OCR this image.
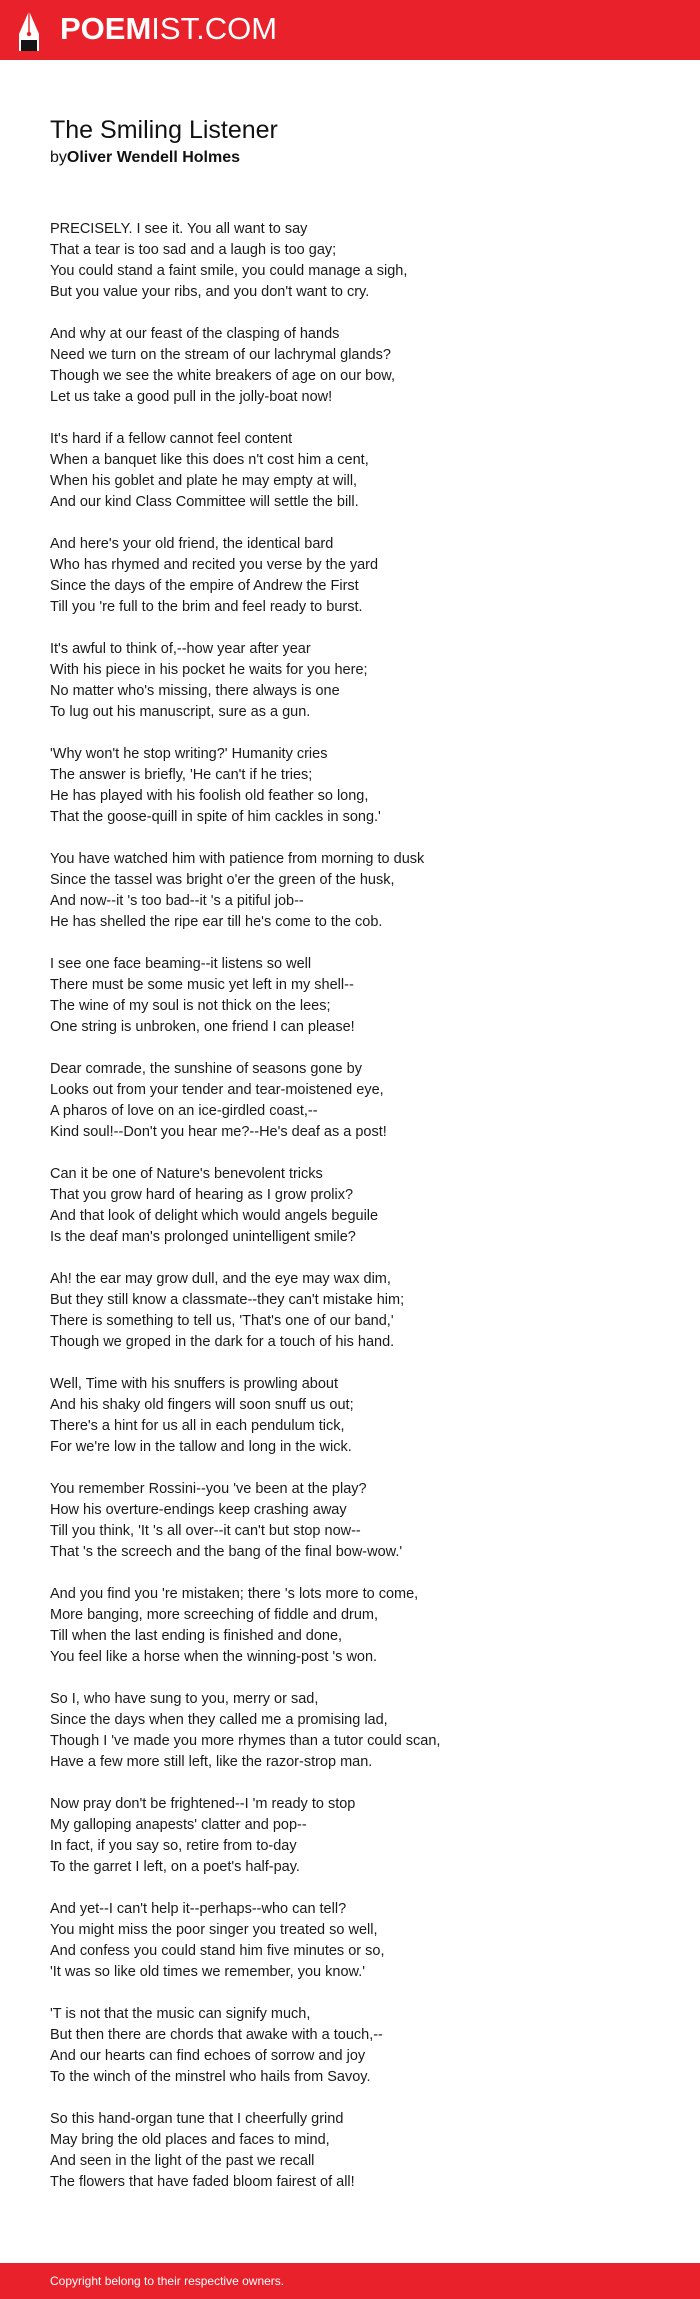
POEMIST.COM
The Smiling Listener
byOliver Wendell Holmes
PRECISELY. I see it. You all want to say
That a tear is too sad and a laugh is too gay;
You could stand a faint smile, you could manage a sigh,
But you value your ribs, and you don't want to cry.
And why at our feast of the clasping of hands
Need we turn on the stream of our lachrymal glands?
Though we see the white breakers of age on our bow,
Let us take a good pull in the jolly-boat now!
It's hard if a fellow cannot feel content
When a banquet like this does n't cost him a cent,
When his goblet and plate he may empty at will,
And our kind Class Committee will settle the bill.
And here's your old friend, the identical bard
Who has rhymed and recited you verse by the yard
Since the days of the empire of Andrew the First
Till you 're full to the brim and feel ready to burst.
It's awful to think of,--how year after year
With his piece in his pocket he waits for you here;
No matter who's missing, there always is one
To lug out his manuscript, sure as a gun.
'Why won't he stop writing?' Humanity cries
The answer is briefly, 'He can't if he tries;
He has played with his foolish old feather so long,
That the goose-quill in spite of him cackles in song.'
You have watched him with patience from morning to dusk
Since the tassel was bright o'er the green of the husk,
And now--it 's too bad--it 's a pitiful job--
He has shelled the ripe ear till he's come to the cob.
I see one face beaming--it listens so well
There must be some music yet left in my shell--
The wine of my soul is not thick on the lees;
One string is unbroken, one friend I can please!
Dear comrade, the sunshine of seasons gone by
Looks out from your tender and tear-moistened eye,
A pharos of love on an ice-girdled coast,--
Kind soul!--Don't you hear me?--He's deaf as a post!
Can it be one of Nature's benevolent tricks
That you grow hard of hearing as I grow prolix?
And that look of delight which would angels beguile
Is the deaf man's prolonged unintelligent smile?
Ah! the ear may grow dull, and the eye may wax dim,
But they still know a classmate--they can't mistake him;
There is something to tell us, 'That's one of our band,'
Though we groped in the dark for a touch of his hand.
Well, Time with his snuffers is prowling about
And his shaky old fingers will soon snuff us out;
There's a hint for us all in each pendulum tick,
For we're low in the tallow and long in the wick.
You remember Rossini--you 've been at the play?
How his overture-endings keep crashing away
Till you think, 'It 's all over--it can't but stop now--
That 's the screech and the bang of the final bow-wow.'
And you find you 're mistaken; there 's lots more to come,
More banging, more screeching of fiddle and drum,
Till when the last ending is finished and done,
You feel like a horse when the winning-post 's won.
So I, who have sung to you, merry or sad,
Since the days when they called me a promising lad,
Though I 've made you more rhymes than a tutor could scan,
Have a few more still left, like the razor-strop man.
Now pray don't be frightened--I 'm ready to stop
My galloping anapests' clatter and pop--
In fact, if you say so, retire from to-day
To the garret I left, on a poet's half-pay.
And yet--I can't help it--perhaps--who can tell?
You might miss the poor singer you treated so well,
And confess you could stand him five minutes or so,
'It was so like old times we remember, you know.'
'T is not that the music can signify much,
But then there are chords that awake with a touch,--
And our hearts can find echoes of sorrow and joy
To the winch of the minstrel who hails from Savoy.
So this hand-organ tune that I cheerfully grind
May bring the old places and faces to mind,
And seen in the light of the past we recall
The flowers that have faded bloom fairest of all!
Copyright belong to their respective owners.
